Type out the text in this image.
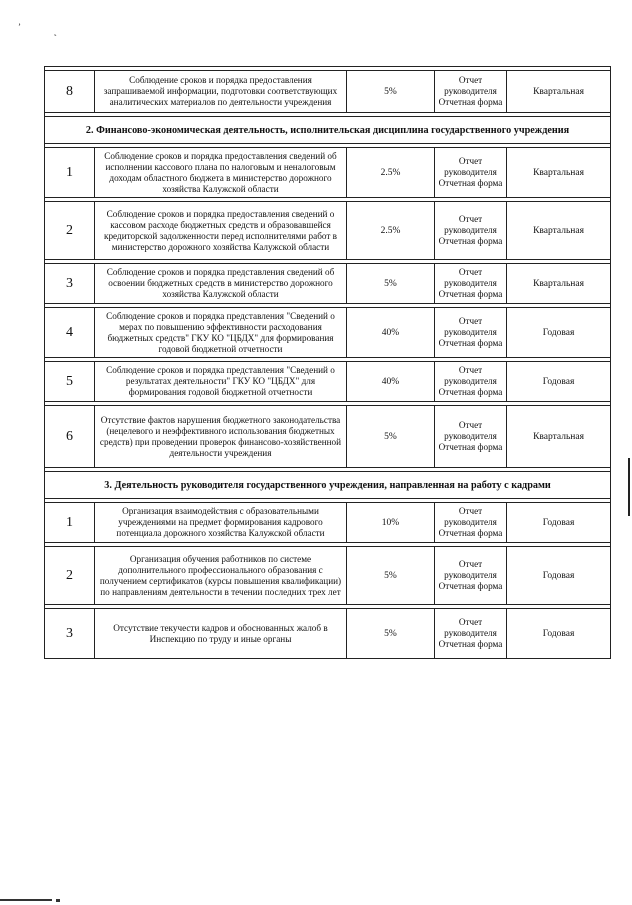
’	˛

8	Соблюдение сроков и порядка предоставления запрашиваемой информации, подготовки соответствующих аналитических материалов по деятельности учреждения	5%	Отчет руководителя Отчетная форма	Квартальная

2. Финансово-экономическая деятельность, исполнительская дисциплина государственного учреждения				

1	Соблюдение сроков и порядка предоставления сведений об исполнении кассового плана по налоговым и неналоговым доходам областного бюджета в министерство дорожного хозяйства Калужской области	2.5%	Отчет руководителя Отчетная форма	Квартальная

2	Соблюдение сроков и порядка предоставления сведений о кассовом расходе бюджетных средств и образовавшейся кредиторской задолженности перед исполнителями работ в министерство дорожного хозяйства Калужской области	2.5%	Отчет руководителя Отчетная форма	Квартальная

3	Соблюдение сроков и порядка представления сведений об освоении бюджетных средств в министерство дорожного хозяйства Калужской области	5%	Отчет руководителя Отчетная форма	Квартальная

4	Соблюдение сроков и порядка представления "Сведений о мерах по повышению эффективности расходования бюджетных средств" ГКУ КО "ЦБДХ" для формирования годовой бюджетной отчетности	40%	Отчет руководителя Отчетная форма	Годовая

5	Соблюдение сроков и порядка представления "Сведений о результатах деятельности" ГКУ КО "ЦБДХ" для формирования годовой бюджетной отчетности	40%	Отчет руководителя Отчетная форма	Годовая

6	Отсутствие фактов нарушения бюджетного законодательства (нецелевого и неэффективного использования бюджетных средств) при проведении проверок финансово-хозяйственной деятельности учреждения	5%	Отчет руководителя Отчетная форма	Квартальная

3. Деятельность руководителя государственного учреждения, направленная на работу с кадрами				

1	Организация взаимодействия с образовательными учреждениями на предмет формирования кадрового потенциала дорожного хозяйства Калужской области	10%	Отчет руководителя Отчетная форма	Годовая

2	Организация обучения работников по системе дополнительного профессионального образования с получением сертификатов (курсы повышения квалификации) по направлениям деятельности в течении последних трех лет	5%	Отчет руководителя Отчетная форма	Годовая

3	Отсутствие текучести кадров и обоснованных жалоб в Инспекцию по труду и иные органы	5%	Отчет руководителя Отчетная форма	Годовая
